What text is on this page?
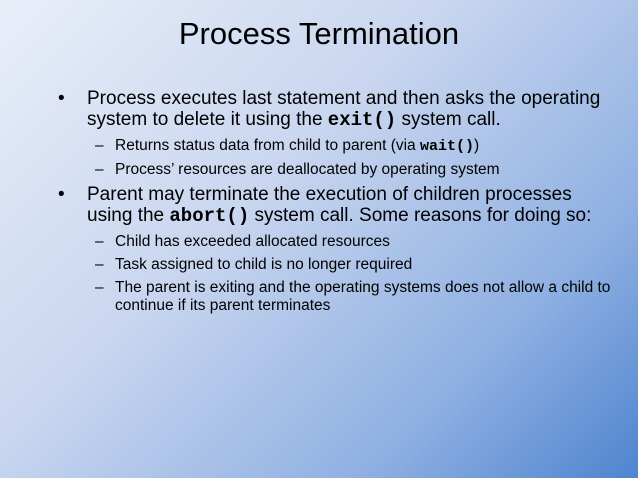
Process Termination
• Process executes last statement and then asks the operating system to delete it using the exit() system call.
– Returns status data from child to parent (via wait())
– Process’ resources are deallocated by operating system
• Parent may terminate the execution of children processes using the abort() system call. Some reasons for doing so:
– Child has exceeded allocated resources
– Task assigned to child is no longer required
– The parent is exiting and the operating systems does not allow a child to continue if its parent terminates
